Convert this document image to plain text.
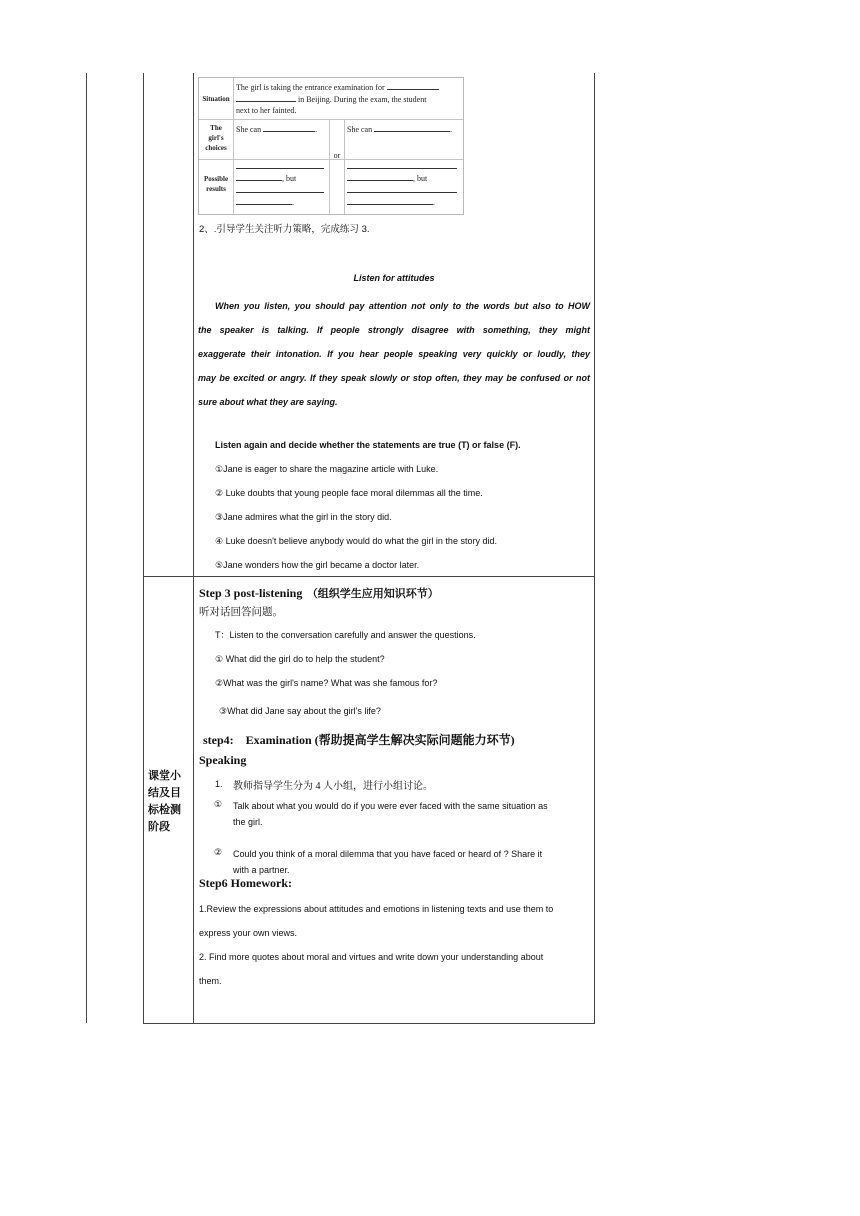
Situation
The girl is taking the entrance examination for
in Beijing. During the exam, the student
next to her fainted.
The
girl's
choices
She can	.
or
She can	.
Possible
results
, but
.
, but
.
2、.引导学生关注听力策略，完成练习 3.
Listen for attitudes
When you listen, you should pay attention not only to the words but also to HOW
the speaker is talking. If people strongly disagree with something, they might
exaggerate their intonation. If you hear people speaking very quickly or loudly, they
may be excited or angry. If they speak slowly or stop often, they may be confused or not
sure about what they are saying.
Listen again and decide whether the statements are true (T) or false (F).
①Jane is eager to share the magazine article with Luke.
② Luke doubts that young people face moral dilemmas all the time.
③Jane admires what the girl in the story did.
④ Luke doesn't believe anybody would do what the girl in the story did.
⑤Jane wonders how the girl became a doctor later.
课堂小
结及目
标检测
阶段
Step 3 post-listening （组织学生应用知识环节）
听对话回答问题。
T：Listen to the conversation carefully and answer the questions.
① What did the girl do to help the student?
②What was the girl's name? What was she famous for?
③What did Jane say about the girl's life?
step4:    Examination (帮助提高学生解决实际问题能力环节)
Speaking
1. 教师指导学生分为 4 人小组，进行小组讨论。
① Talk about what you would do if you were ever faced with the same situation as
the girl.
② Could you think of a moral dilemma that you have faced or heard of ? Share it
with a partner.
Step6 Homework:
1.Review the expressions about attitudes and emotions in listening texts and use them to
express your own views.
2. Find more quotes about moral and virtues and write down your understanding about
them.
